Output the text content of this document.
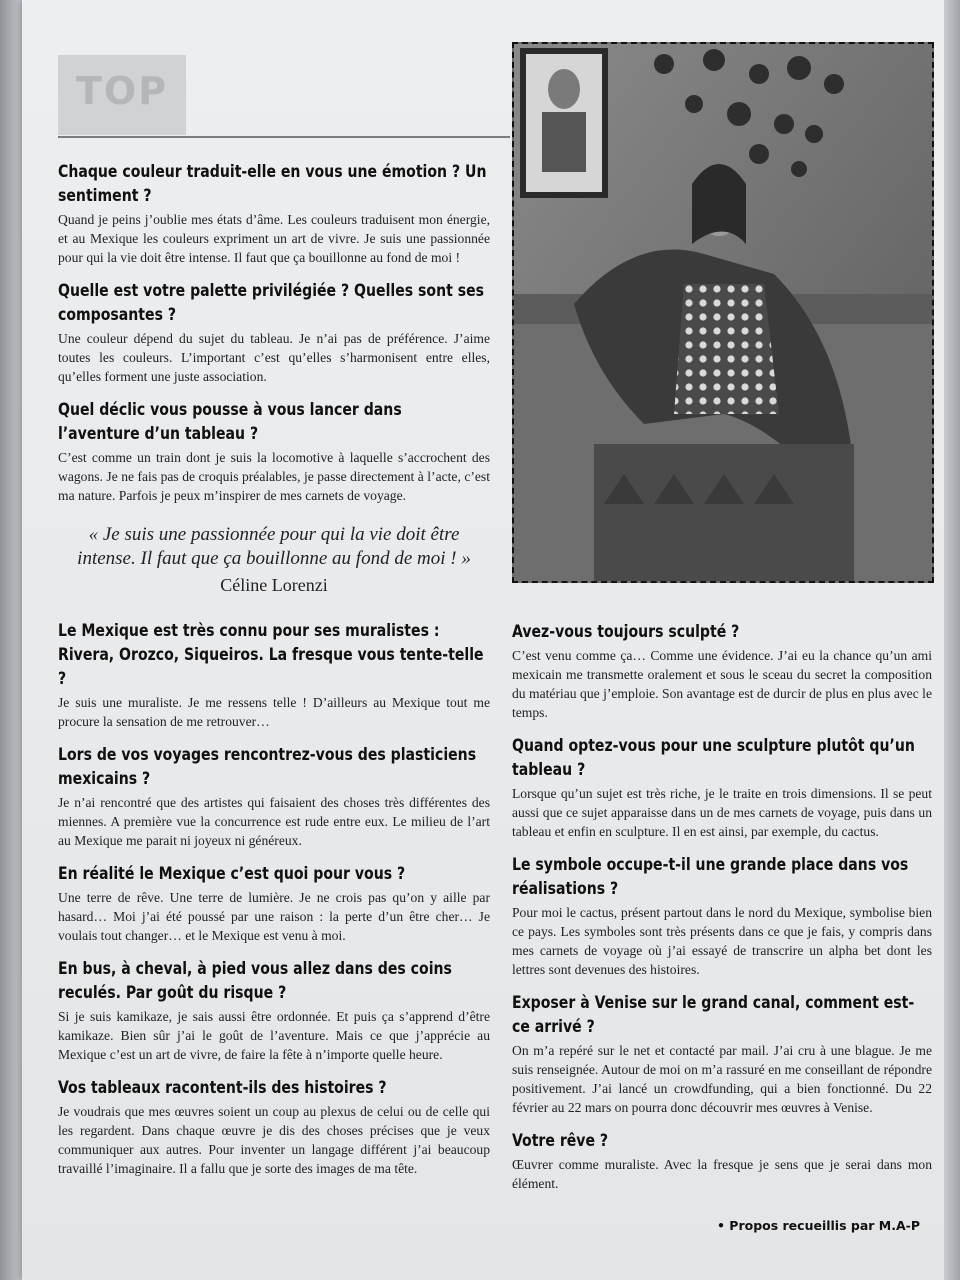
TOP

Chaque couleur traduit-elle en vous une émotion ? Un sentiment ?

Quand je peins j’oublie mes états d’âme. Les couleurs traduisent mon énergie, et au Mexique les couleurs expriment un art de vivre. Je suis une passionnée pour qui la vie doit être intense. Il faut que ça bouillonne au fond de moi !

Quelle est votre palette privilégiée ? Quelles sont ses composantes ?

Une couleur dépend du sujet du tableau. Je n’ai pas de préférence. J’aime toutes les couleurs. L’important c’est qu’elles s’harmonisent entre elles, qu’elles forment une juste association.

Quel déclic vous pousse à vous lancer dans l’aventure d’un tableau ?

C’est comme un train dont je suis la locomotive à laquelle s’accrochent des wagons. Je ne fais pas de croquis préalables, je passe directement à l’acte, c’est ma nature. Parfois je peux m’inspirer de mes carnets de voyage.

« Je suis une passionnée pour qui la vie doit être intense. Il faut que ça bouillonne au fond de moi ! »
Céline Lorenzi

Le Mexique est très connu pour ses muralistes : Rivera, Orozco, Siqueiros. La fresque vous tente-telle ?

Je suis une muraliste. Je me ressens telle ! D’ailleurs au Mexique tout me procure la sensation de me retrouver…

Lors de vos voyages rencontrez-vous des plasticiens mexicains ?

Je n’ai rencontré que des artistes qui faisaient des choses très différentes des miennes. A première vue la concurrence est rude entre eux. Le milieu de l’art au Mexique me parait ni joyeux ni généreux.

En réalité le Mexique c’est quoi pour vous ?

Une terre de rêve. Une terre de lumière. Je ne crois pas qu’on y aille par hasard… Moi j’ai été poussé par une raison : la perte d’un être cher… Je voulais tout changer… et le Mexique est venu à moi.

En bus, à cheval, à pied vous allez dans des coins reculés. Par goût du risque ?

Si je suis kamikaze, je sais aussi être ordonnée. Et puis ça s’apprend d’être kamikaze. Bien sûr j’ai le goût de l’aventure. Mais ce que j’apprécie au Mexique c’est un art de vivre, de faire la fête à n’importe quelle heure.

Vos tableaux racontent-ils des histoires ?

Je voudrais que mes œuvres soient un coup au plexus de celui ou de celle qui les regardent. Dans chaque œuvre je dis des choses précises que je veux communiquer aux autres. Pour inventer un langage différent j’ai beaucoup travaillé l’imaginaire. Il a fallu que je sorte des images de ma tête.

Avez-vous toujours sculpté ?

C’est venu comme ça… Comme une évidence. J’ai eu la chance qu’un ami mexicain me transmette oralement et sous le sceau du secret la composition du matériau que j’emploie. Son avantage est de durcir de plus en plus avec le temps.

Quand optez-vous pour une sculpture plutôt qu’un tableau ?

Lorsque qu’un sujet est très riche, je le traite en trois dimensions. Il se peut aussi que ce sujet apparaisse dans un de mes carnets de voyage, puis dans un tableau et enfin en sculpture. Il en est ainsi, par exemple, du cactus.

Le symbole occupe-t-il une grande place dans vos réalisations ?

Pour moi le cactus, présent partout dans le nord du Mexique, symbolise bien ce pays. Les symboles sont très présents dans ce que je fais, y compris dans mes carnets de voyage où j’ai essayé de transcrire un alpha bet dont les lettres sont devenues des histoires.

Exposer à Venise sur le grand canal, comment est-ce arrivé ?

On m’a repéré sur le net et contacté par mail. J’ai cru à une blague. Je me suis renseignée. Autour de moi on m’a rassuré en me conseillant de répondre positivement. J’ai lancé un crowdfunding, qui a bien fonctionné. Du 22 février au 22 mars on pourra donc découvrir mes œuvres à Venise.

Votre rêve ?

Œuvrer comme muraliste. Avec la fresque je sens que je serai dans mon élément.

• Propos recueillis par M.A-P
